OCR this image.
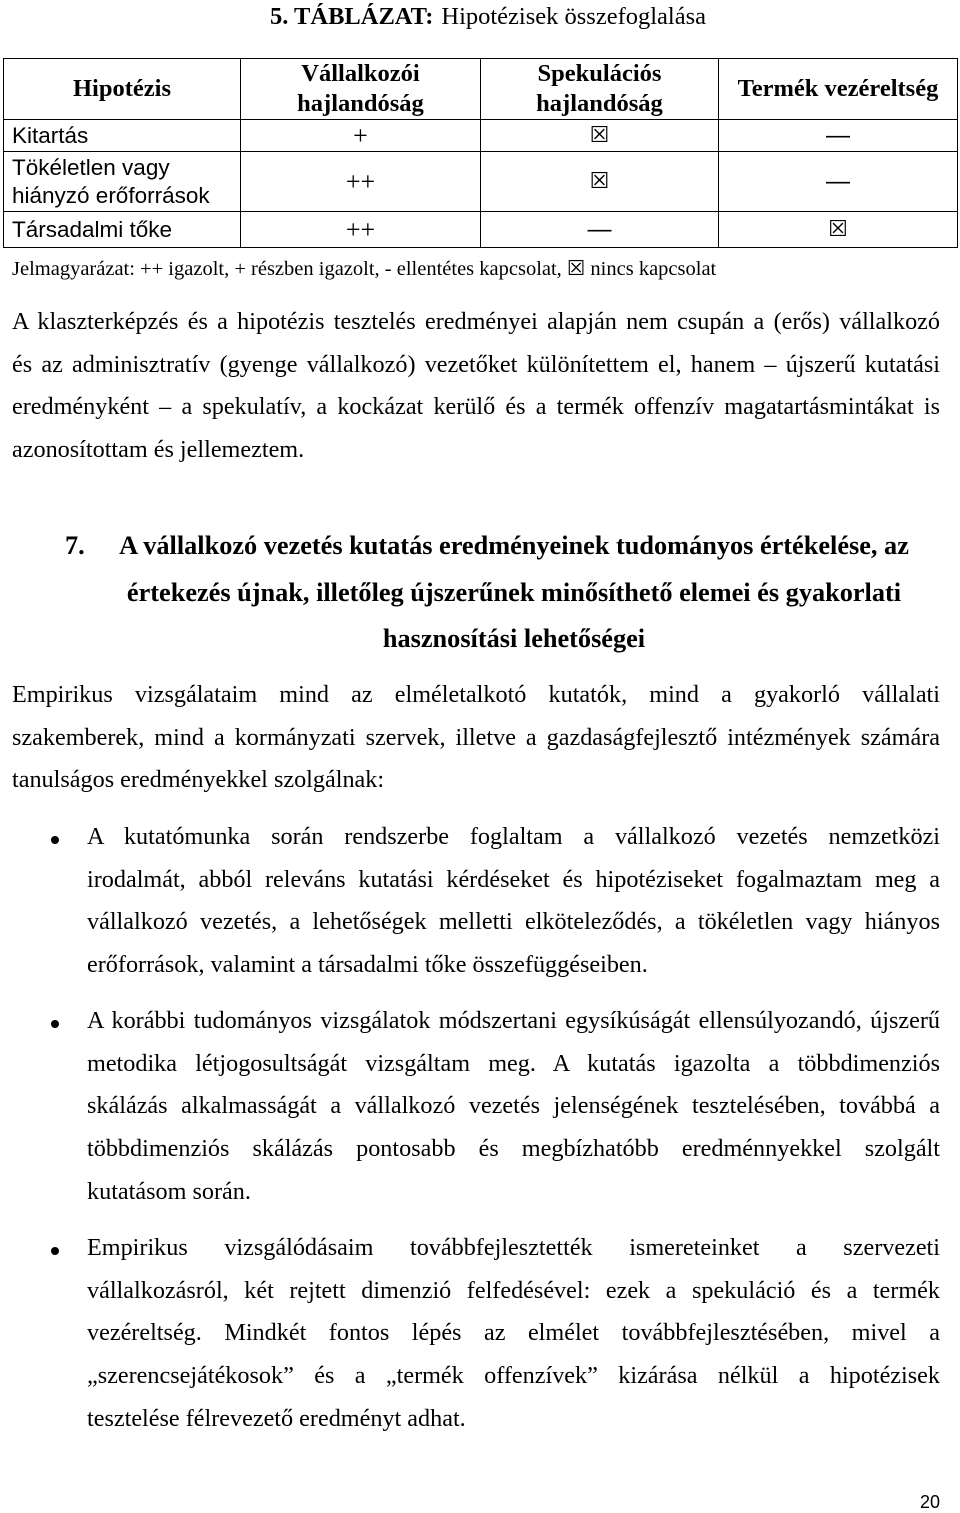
5. TÁBLÁZAT: Hipotézisek összefoglalása
Hipotézis	Vállalkozói hajlandóság	Spekulációs hajlandóság	Termék vezéreltség
Kitartás	+	☒	—
Tökéletlen vagy hiányzó erőforrások	++	☒	—
Társadalmi tőke	++	—	☒
Jelmagyarázat: ++ igazolt, + részben igazolt, - ellentétes kapcsolat, ☒ nincs kapcsolat
A klaszterképzés és a hipotézis tesztelés eredményei alapján nem csupán a (erős) vállalkozó
és az adminisztratív (gyenge vállalkozó) vezetőket különítettem el, hanem – újszerű kutatási
eredményként – a spekulatív, a kockázat kerülő és a termék offenzív magatartásmintákat is
azonosítottam és jellemeztem.
7.	A vállalkozó vezetés kutatás eredményeinek tudományos értékelése, az
értekezés újnak, illetőleg újszerűnek minősíthető elemei és gyakorlati
hasznosítási lehetőségei
Empirikus vizsgálataim mind az elméletalkotó kutatók, mind a gyakorló vállalati
szakemberek, mind a kormányzati szervek, illetve a gazdaságfejlesztő intézmények számára
tanulságos eredményekkel szolgálnak:
A kutatómunka során rendszerbe foglaltam a vállalkozó vezetés nemzetközi
irodalmát, abból releváns kutatási kérdéseket és hipotéziseket fogalmaztam meg a
vállalkozó vezetés, a lehetőségek melletti elköteleződés, a tökéletlen vagy hiányos
erőforrások, valamint a társadalmi tőke összefüggéseiben.
A korábbi tudományos vizsgálatok módszertani egysíkúságát ellensúlyozandó, újszerű
metodika létjogosultságát vizsgáltam meg. A kutatás igazolta a többdimenziós
skálázás alkalmasságát a vállalkozó vezetés jelenségének tesztelésében, továbbá a
többdimenziós skálázás pontosabb és megbízhatóbb eredménnyekkel szolgált
kutatásom során.
Empirikus vizsgálódásaim továbbfejlesztették ismereteinket a szervezeti
vállalkozásról, két rejtett dimenzió felfedésével: ezek a spekuláció és a termék
vezéreltség. Mindkét fontos lépés az elmélet továbbfejlesztésében, mivel a
„szerencsejátékosok” és a „termék offenzívek” kizárása nélkül a hipotézisek
tesztelése félrevezető eredményt adhat.
20
